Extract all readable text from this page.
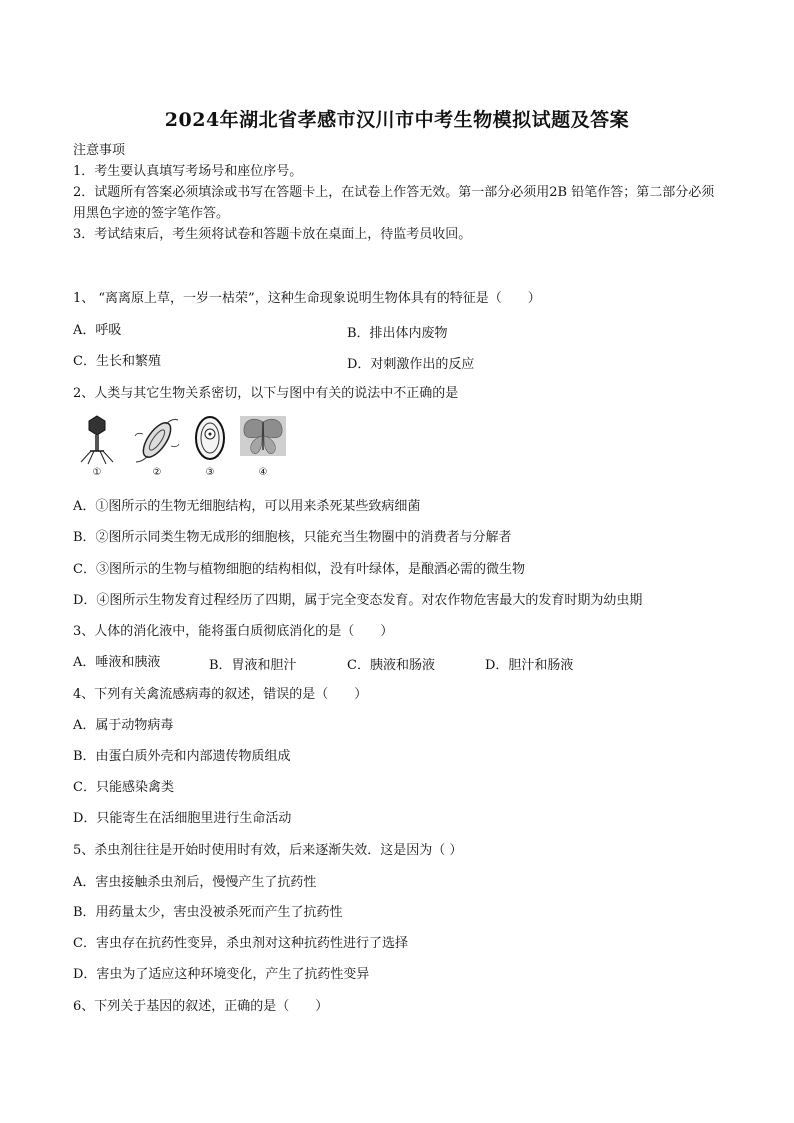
2024年湖北省孝感市汉川市中考生物模拟试题及答案
注意事项
1．考生要认真填写考场号和座位序号。
2．试题所有答案必须填涂或书写在答题卡上，在试卷上作答无效。第一部分必须用2B 铅笔作答；第二部分必须用黑色字迹的签字笔作答。
3．考试结束后，考生须将试卷和答题卡放在桌面上，待监考员收回。
1、 “离离原上草，一岁一枯荣”，这种生命现象说明生物体具有的特征是（　　）
A．呼吸	B．排出体内废物
C．生长和繁殖	D．对刺激作出的反应
2、人类与其它生物关系密切，以下与图中有关的说法中不正确的是
①	②	③	④
A．①图所示的生物无细胞结构，可以用来杀死某些致病细菌
B．②图所示同类生物无成形的细胞核，只能充当生物圈中的消费者与分解者
C．③图所示的生物与植物细胞的结构相似，没有叶绿体，是酿酒必需的微生物
D．④图所示生物发育过程经历了四期，属于完全变态发育。对农作物危害最大的发育时期为幼虫期
3、人体的消化液中，能将蛋白质彻底消化的是（　　）
A．唾液和胰液	B．胃液和胆汁	C．胰液和肠液	D．胆汁和肠液
4、下列有关禽流感病毒的叙述，错误的是（　　）
A．属于动物病毒
B．由蛋白质外壳和内部遗传物质组成
C．只能感染禽类
D．只能寄生在活细胞里进行生命活动
5、杀虫剂往往是开始时使用时有效，后来逐渐失效．这是因为（ ）
A．害虫接触杀虫剂后，慢慢产生了抗药性
B．用药量太少，害虫没被杀死而产生了抗药性
C．害虫存在抗药性变异，杀虫剂对这种抗药性进行了选择
D．害虫为了适应这种环境变化，产生了抗药性变异
6、下列关于基因的叙述，正确的是（　　）
